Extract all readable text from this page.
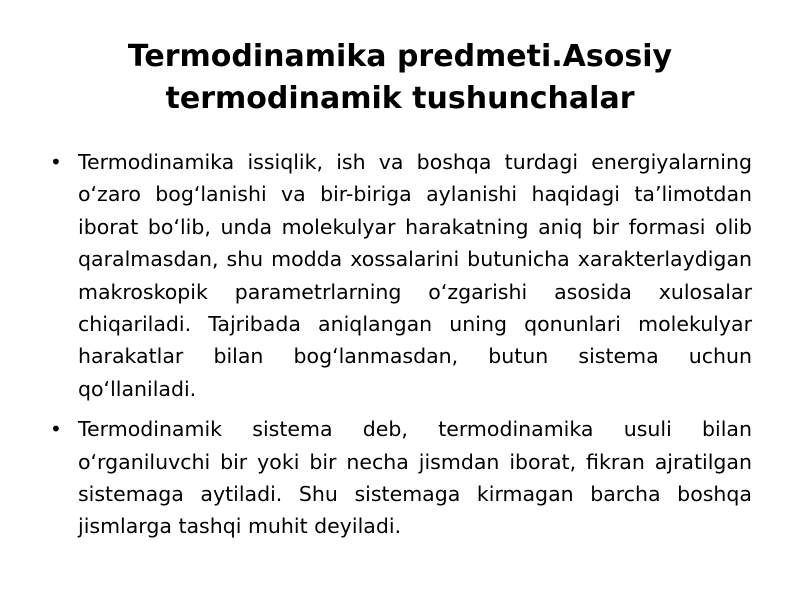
Termodinamika predmeti.Asosiy
termodinamik tushunchalar
• Termodinamika issiqlik, ish va boshqa turdagi energiyalarning o‘zaro bog‘lanishi va bir-biriga aylanishi haqidagi ta’limotdan iborat bo‘lib, unda molekulyar harakatning aniq bir formasi olib qaralmasdan, shu modda xossalarini butunicha xarakterlaydigan makroskopik parametrlarning o‘zgarishi asosida xulosalar chiqariladi. Tajribada aniqlangan uning qonunlari molekulyar harakatlar bilan bog‘lanmasdan, butun sistema uchun qo‘llaniladi.
• Termodinamik sistema deb, termodinamika usuli bilan o‘rganiluvchi bir yoki bir necha jismdan iborat, fikran ajratilgan sistemaga aytiladi. Shu sistemaga kirmagan barcha boshqa jismlarga tashqi muhit deyiladi.
